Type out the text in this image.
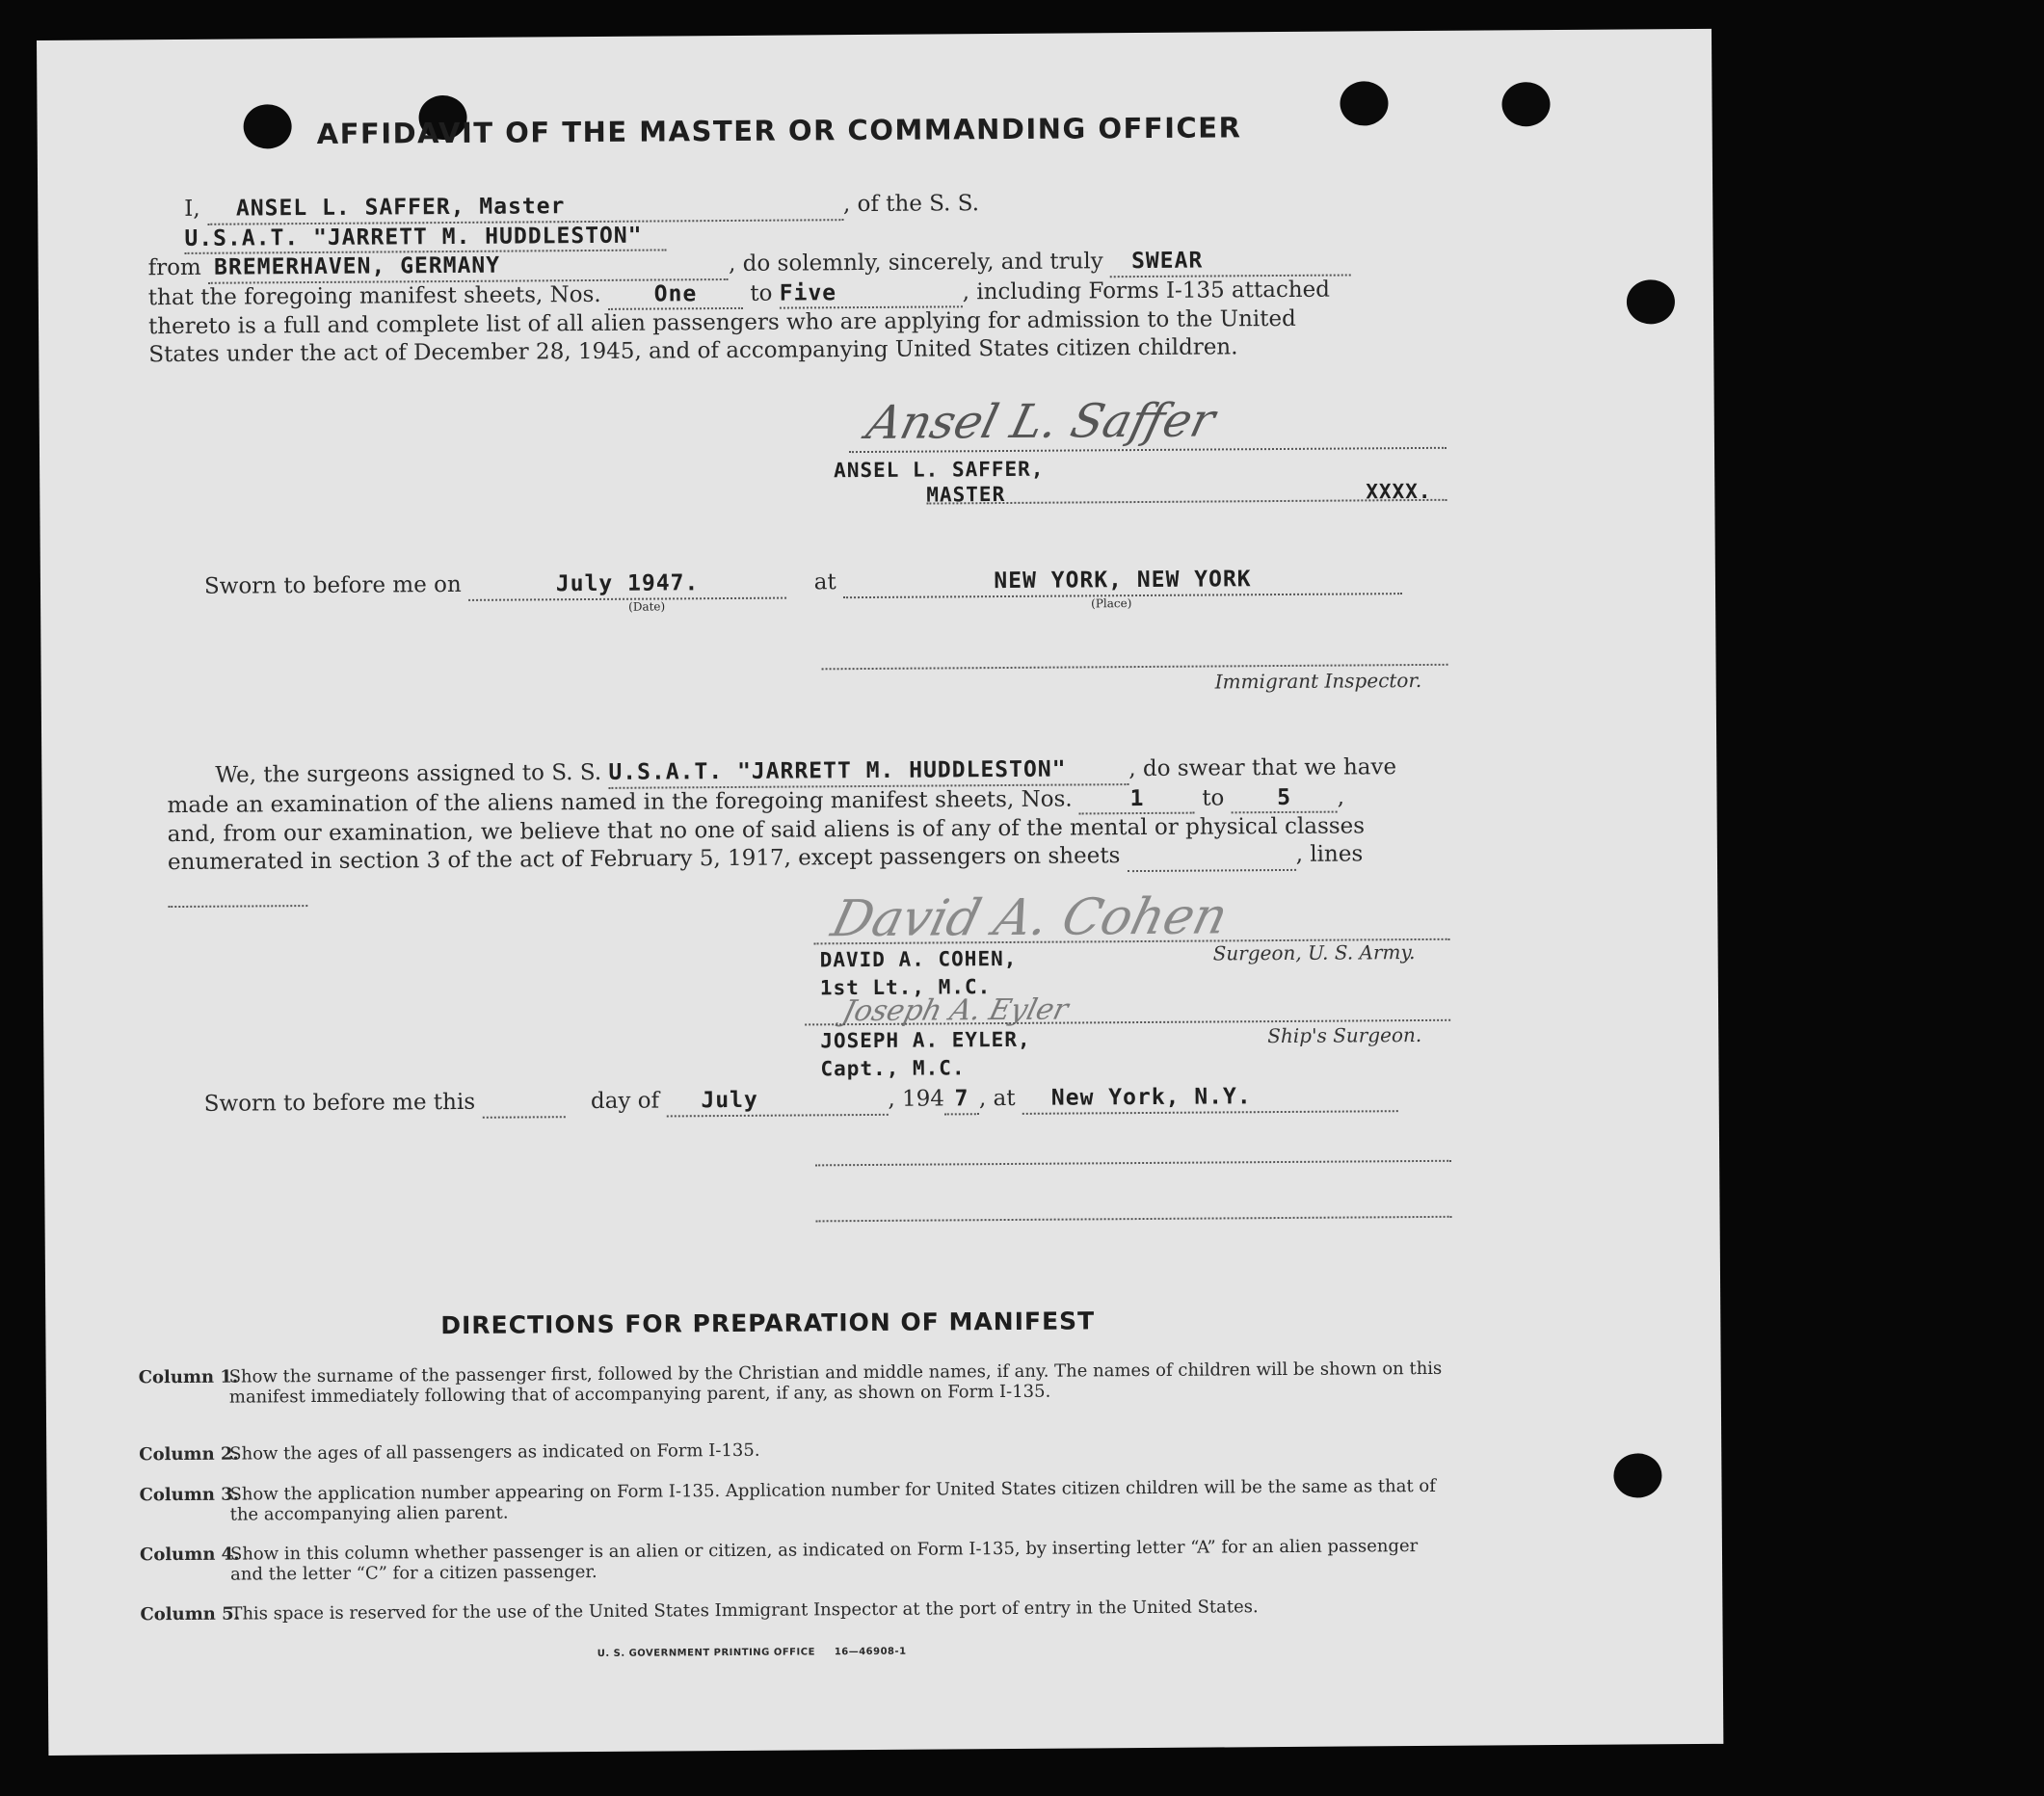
AFFIDAVIT OF THE MASTER OR COMMANDING OFFICER
I, ANSEL L. SAFFER, Master	, of the S. S. U.S.A.T. "JARRETT M. HUDDLESTON"
from BREMERHAVEN, GERMANY	, do solemnly, sincerely, and truly SWEAR
that the foregoing manifest sheets, Nos. One to Five	, including Forms I-135 attached
thereto is a full and complete list of all alien passengers who are applying for admission to the United
States under the act of December 28, 1945, and of accompanying United States citizen children.
Ansel L. Saffer
ANSEL L. SAFFER,
MASTER	XXXX.
Sworn to before me on	July 1947.	at	NEW YORK, NEW YORK
(Date)	(Place)
Immigrant Inspector.
We, the surgeons assigned to S. S. U.S.A.T. "JARRETT M. HUDDLESTON"	, do swear that we have
made an examination of the aliens named in the foregoing manifest sheets, Nos.	1	to 5 ,
and, from our examination, we believe that no one of said aliens is of any of the mental or physical classes
enumerated in section 3 of the act of February 5, 1917, except passengers on sheets	, lines

David A. Cohen
DAVID A. COHEN,
1st Lt., M.C.
Surgeon, U. S. Army.
Joseph A. Eyler
JOSEPH A. EYLER,
Capt., M.C.
Ship's Surgeon.
Sworn to before me this	day of July	, 194 7 , at New York, N.Y.
DIRECTIONS FOR PREPARATION OF MANIFEST
Column 1.
Show the surname of the passenger first, followed by the Christian and middle names, if any. The names of children will be shown on this manifest immediately following that of accompanying parent, if any, as shown on Form I-135.
Column 2.
Show the ages of all passengers as indicated on Form I-135.
Column 3.
Show the application number appearing on Form I-135. Application number for United States citizen children will be the same as that of the accompanying alien parent.
Column 4.
Show in this column whether passenger is an alien or citizen, as indicated on Form I-135, by inserting letter “A” for an alien passenger and the letter “C” for a citizen passenger.
Column 5.
This space is reserved for the use of the United States Immigrant Inspector at the port of entry in the United States.
U. S. GOVERNMENT PRINTING OFFICE     16—46908-1
